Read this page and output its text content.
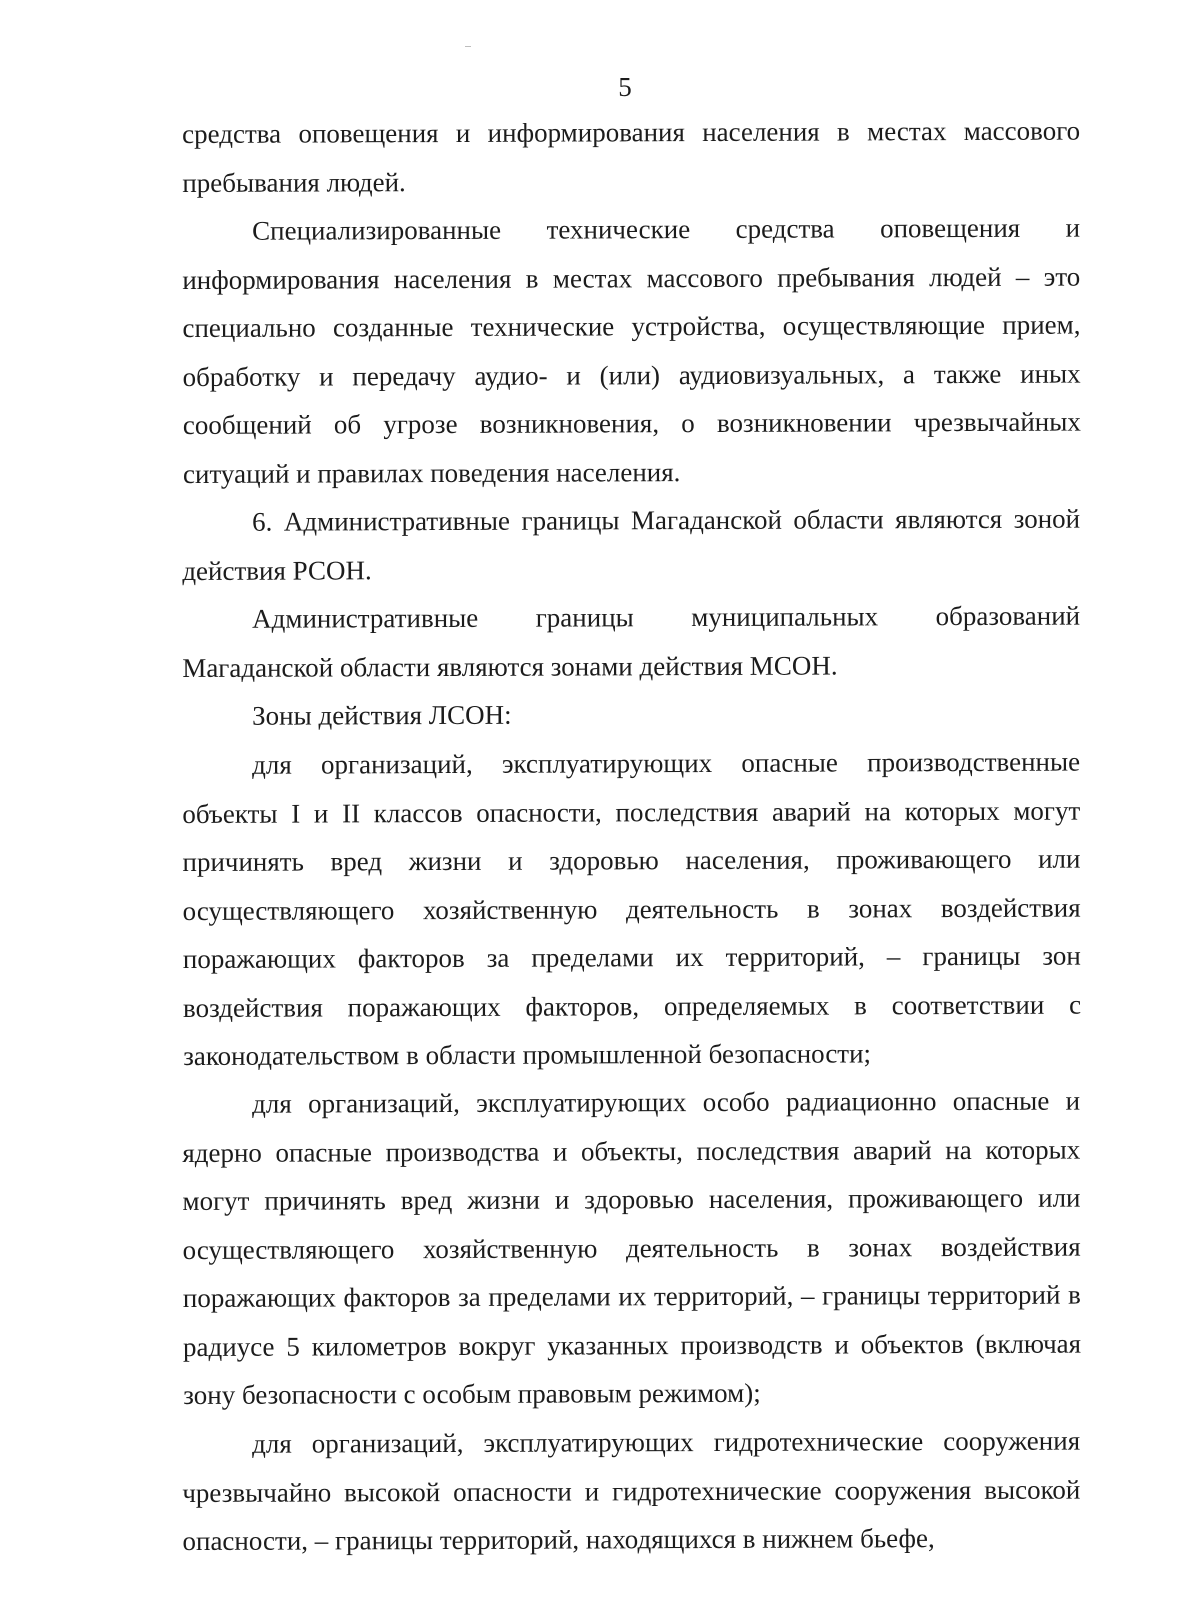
5

средства оповещения и информирования населения в местах массового пребывания людей.

Специализированные технические средства оповещения и информирования населения в местах массового пребывания людей – это специально созданные технические устройства, осуществляющие прием, обработку и передачу аудио- и (или) аудиовизуальных, а также иных сообщений об угрозе возникновения, о возникновении чрезвычайных ситуаций и правилах поведения населения.

6. Административные границы Магаданской области являются зоной действия РСОН.

Административные границы муниципальных образований Магаданской области являются зонами действия МСОН.

Зоны действия ЛСОН:

для организаций, эксплуатирующих опасные производственные объекты I и II классов опасности, последствия аварий на которых могут причинять вред жизни и здоровью населения, проживающего или осуществляющего хозяйственную деятельность в зонах воздействия поражающих факторов за пределами их территорий, – границы зон воздействия поражающих факторов, определяемых в соответствии с законодательством в области промышленной безопасности;

для организаций, эксплуатирующих особо радиационно опасные и ядерно опасные производства и объекты, последствия аварий на которых могут причинять вред жизни и здоровью населения, проживающего или осуществляющего хозяйственную деятельность в зонах воздействия поражающих факторов за пределами их территорий, – границы территорий в радиусе 5 километров вокруг указанных производств и объектов (включая зону безопасности с особым правовым режимом);

для организаций, эксплуатирующих гидротехнические сооружения чрезвычайно высокой опасности и гидротехнические сооружения высокой опасности, – границы территорий, находящихся в нижнем бьефе,
